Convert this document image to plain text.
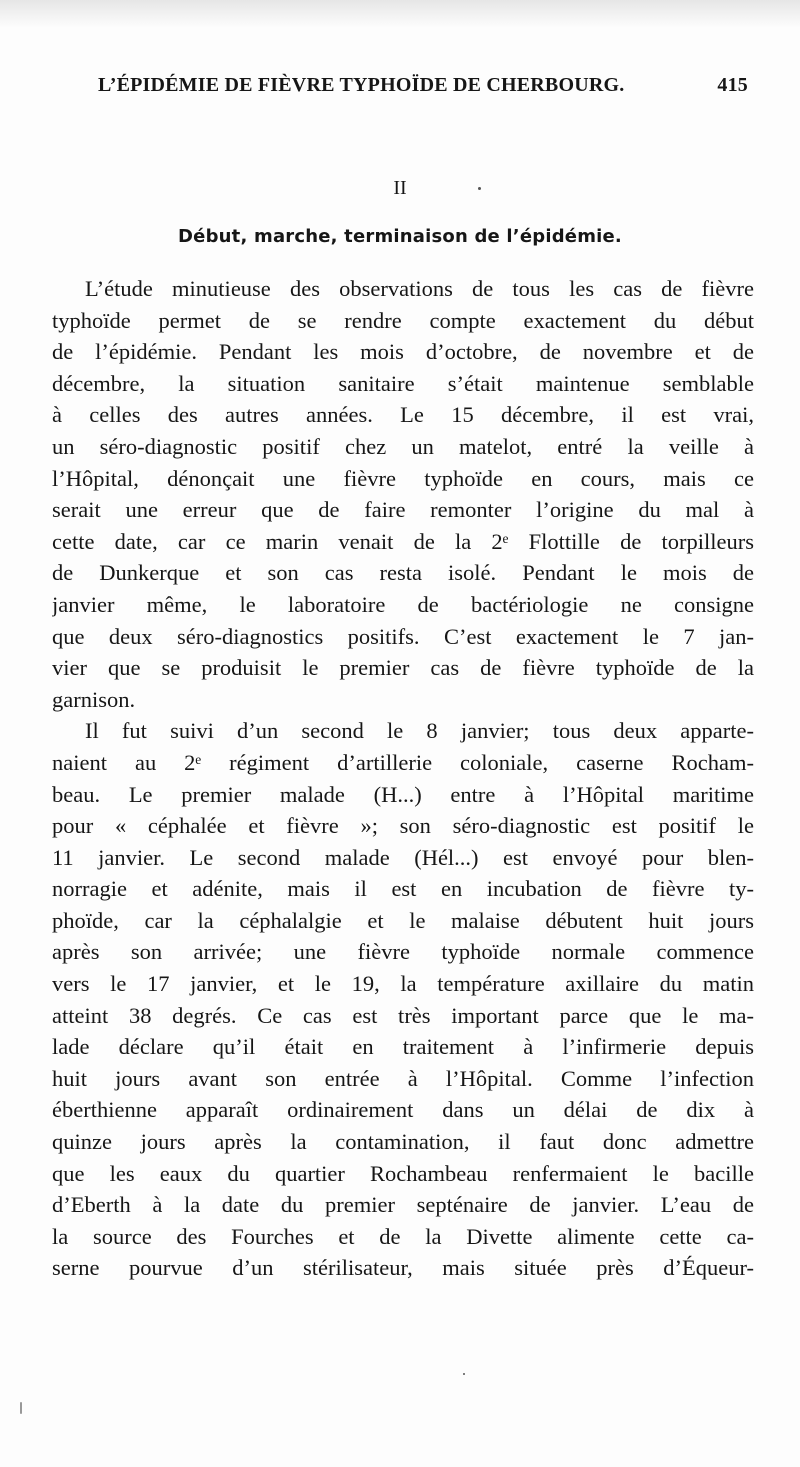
L’ÉPIDÉMIE DE FIÈVRE TYPHOÏDE DE CHERBOURG.	415
II
Début, marche, terminaison de l’épidémie.
L’étude minutieuse des observations de tous les cas de fièvre
typhoïde permet de se rendre compte exactement du début
de l’épidémie. Pendant les mois d’octobre, de novembre et de
décembre, la situation sanitaire s’était maintenue semblable
à celles des autres années. Le 15 décembre, il est vrai,
un séro-diagnostic positif chez un matelot, entré la veille à
l’Hôpital, dénonçait une fièvre typhoïde en cours, mais ce
serait une erreur que de faire remonter l’origine du mal à
cette date, car ce marin venait de la 2ᵉ Flottille de torpilleurs
de Dunkerque et son cas resta isolé. Pendant le mois de
janvier même, le laboratoire de bactériologie ne consigne
que deux séro-diagnostics positifs. C’est exactement le 7 jan-
vier que se produisit le premier cas de fièvre typhoïde de la
garnison.
Il fut suivi d’un second le 8 janvier; tous deux apparte-
naient au 2ᵉ régiment d’artillerie coloniale, caserne Rocham-
beau. Le premier malade (H...) entre à l’Hôpital maritime
pour « céphalée et fièvre »; son séro-diagnostic est positif le
11 janvier. Le second malade (Hél...) est envoyé pour blen-
norragie et adénite, mais il est en incubation de fièvre ty-
phoïde, car la céphalalgie et le malaise débutent huit jours
après son arrivée; une fièvre typhoïde normale commence
vers le 17 janvier, et le 19, la température axillaire du matin
atteint 38 degrés. Ce cas est très important parce que le ma-
lade déclare qu’il était en traitement à l’infirmerie depuis
huit jours avant son entrée à l’Hôpital. Comme l’infection
éberthienne apparaît ordinairement dans un délai de dix à
quinze jours après la contamination, il faut donc admettre
que les eaux du quartier Rochambeau renfermaient le bacille
d’Eberth à la date du premier septénaire de janvier. L’eau de
la source des Fourches et de la Divette alimente cette ca-
serne pourvue d’un stérilisateur, mais située près d’Équeur-
